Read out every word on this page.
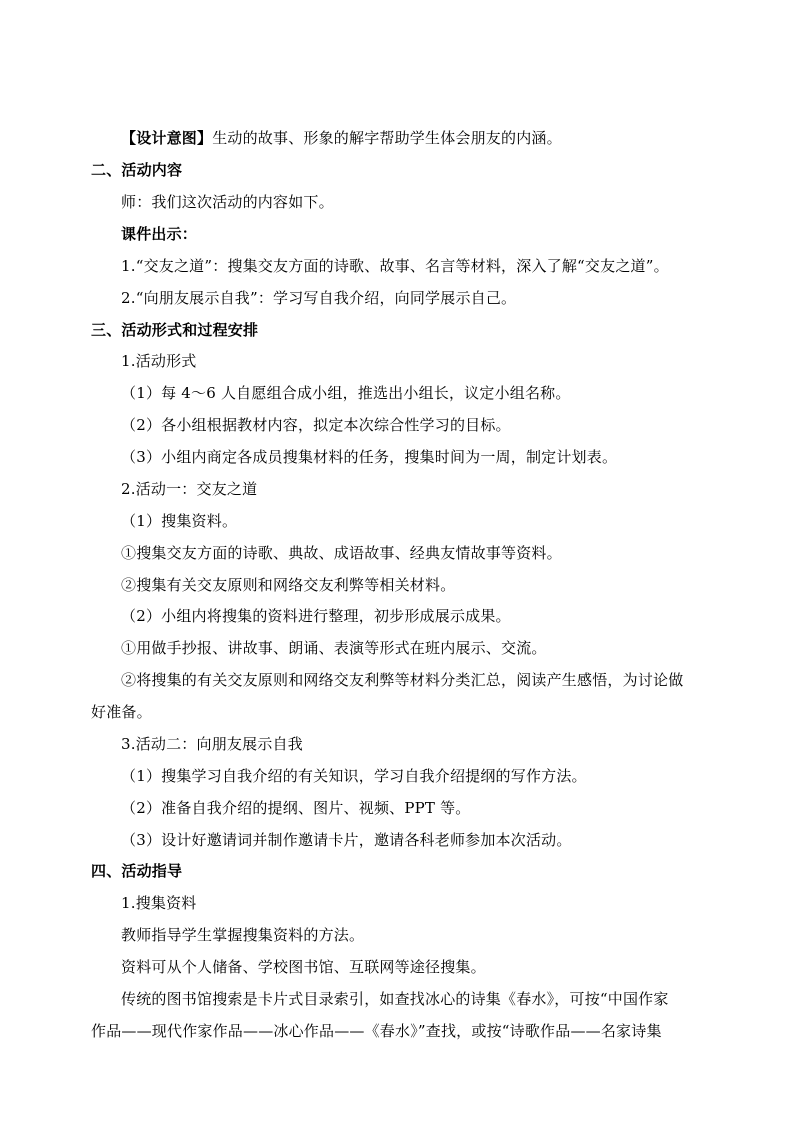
【设计意图】生动的故事、形象的解字帮助学生体会朋友的内涵。
二、活动内容
师：我们这次活动的内容如下。
课件出示：
1.“交友之道”：搜集交友方面的诗歌、故事、名言等材料，深入了解“交友之道”。
2.“向朋友展示自我”：学习写自我介绍，向同学展示自己。
三、活动形式和过程安排
1.活动形式
（1）每 4～6 人自愿组合成小组，推选出小组长，议定小组名称。
（2）各小组根据教材内容，拟定本次综合性学习的目标。
（3）小组内商定各成员搜集材料的任务，搜集时间为一周，制定计划表。
2.活动一：交友之道
（1）搜集资料。
①搜集交友方面的诗歌、典故、成语故事、经典友情故事等资料。
②搜集有关交友原则和网络交友利弊等相关材料。
（2）小组内将搜集的资料进行整理，初步形成展示成果。
①用做手抄报、讲故事、朗诵、表演等形式在班内展示、交流。
②将搜集的有关交友原则和网络交友利弊等材料分类汇总，阅读产生感悟，为讨论做
好准备。
3.活动二：向朋友展示自我
（1）搜集学习自我介绍的有关知识，学习自我介绍提纲的写作方法。
（2）准备自我介绍的提纲、图片、视频、PPT 等。
（3）设计好邀请词并制作邀请卡片，邀请各科老师参加本次活动。
四、活动指导
1.搜集资料
教师指导学生掌握搜集资料的方法。
资料可从个人储备、学校图书馆、互联网等途径搜集。
传统的图书馆搜索是卡片式目录索引，如查找冰心的诗集《春水》，可按“中国作家
作品——现代作家作品——冰心作品——《春水》”查找，或按“诗歌作品——名家诗集
